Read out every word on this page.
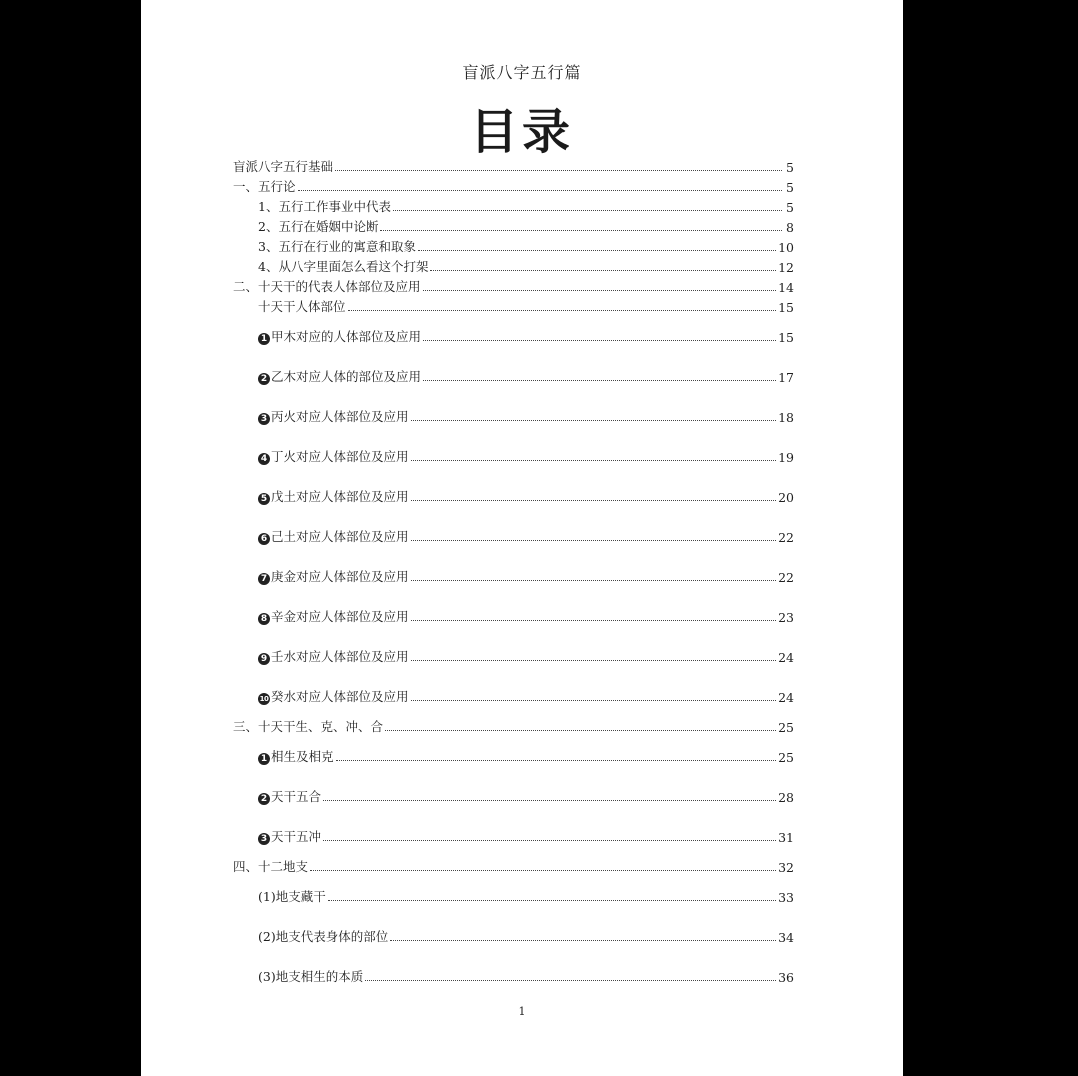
盲派八字五行篇
目录
盲派八字五行基础	5
一、五行论	5
1、五行工作事业中代表	5
2、五行在婚姻中论断	8
3、五行在行业的寓意和取象	10
4、从八字里面怎么看这个打架	12
二、十天干的代表人体部位及应用	14
十天干人体部位	15
1 甲木对应的人体部位及应用	15
2 乙木对应人体的部位及应用	17
3 丙火对应人体部位及应用	18
4 丁火对应人体部位及应用	19
5 戊土对应人体部位及应用	20
6 己土对应人体部位及应用	22
7 庚金对应人体部位及应用	22
8 辛金对应人体部位及应用	23
9 壬水对应人体部位及应用	24
10 癸水对应人体部位及应用	24
三、十天干生、克、冲、合	25
1 相生及相克	25
2 天干五合	28
3 天干五冲	31
四、十二地支	32
(1)地支藏干	33
(2)地支代表身体的部位	34
(3)地支相生的本质	36
1
